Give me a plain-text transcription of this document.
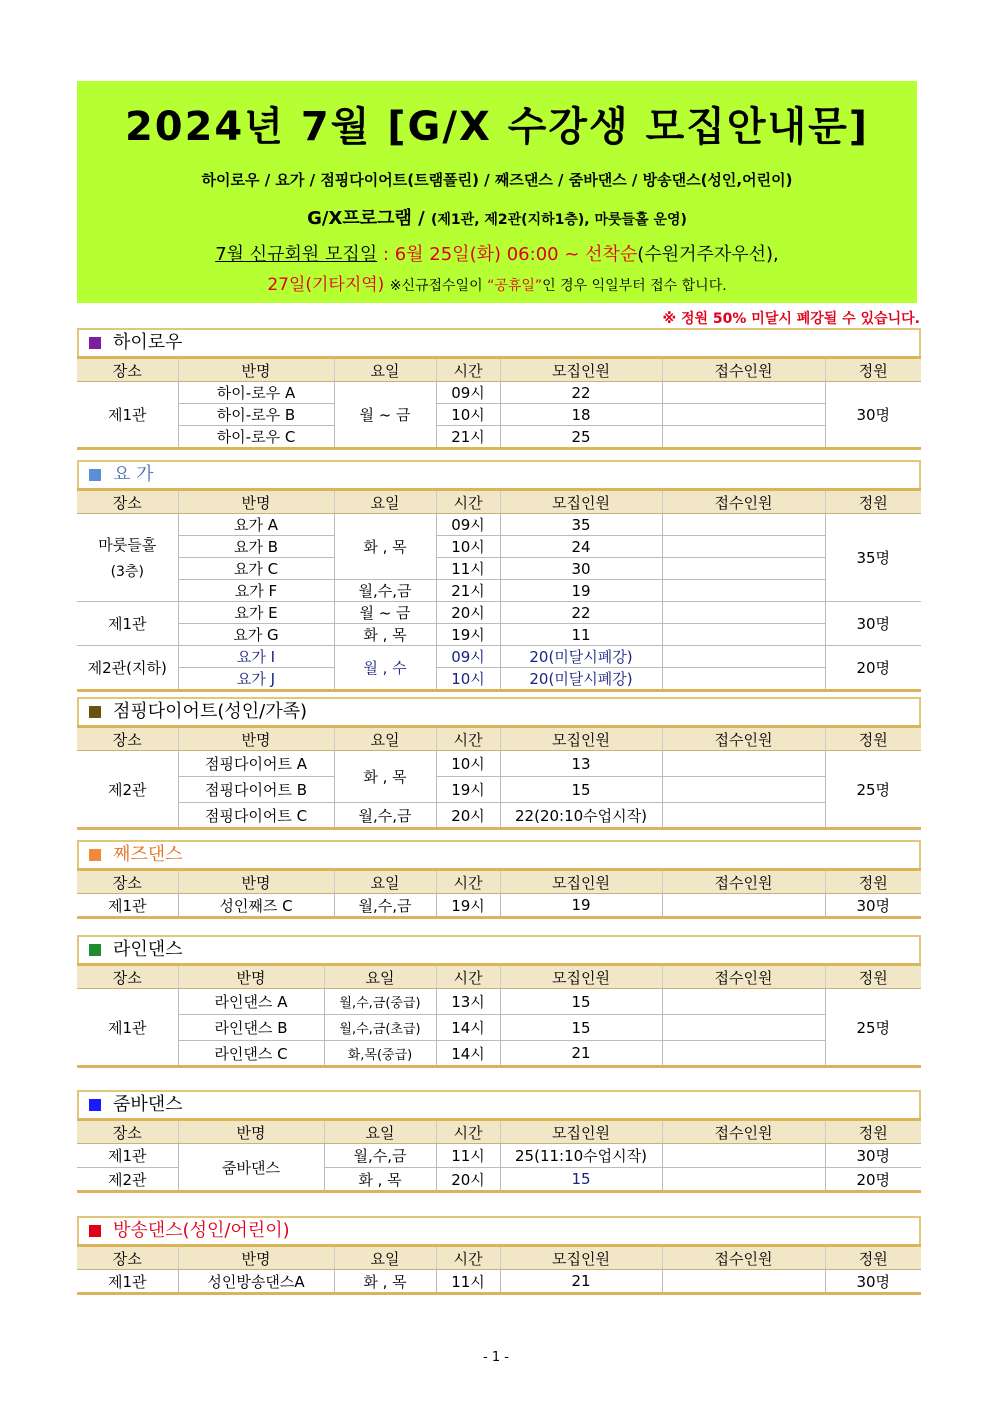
2024년 7월 [G/X 수강생 모집안내문]
하이로우 / 요가 / 점핑다이어트(트램폴린) / 째즈댄스 / 줌바댄스 / 방송댄스(성인,어린이)
G/X프로그램 / (제1관, 제2관(지하1층), 마룻들홀 운영)
7월 신규회원 모집일 : 6월 25일(화) 06:00 ~ 선착순(수원거주자우선),
27일(기타지역) ※신규접수일이 “공휴일”인 경우 익일부터 접수 합니다.
※ 정원 50% 미달시 폐강될 수 있습니다.
하이로우
장소	반명	요일	시간	모집인원	접수인원	정원
제1관	하이-로우 A	월 ~ 금	09시	22		30명
	하이-로우 B		10시	18		
	하이-로우 C		21시	25		
요 가
장소	반명	요일	시간	모집인원	접수인원	정원

마룻들홀
(3층)	요가 A	화 , 목	09시	35		35명
	요가 B		10시	24		
	요가 C		11시	30		
	요가 F	월,수,금	21시	19		
제1관	요가 E	월 ~ 금	20시	22		30명
	요가 G	화 , 목	19시	11		
제2관(지하)	요가 I	월 , 수	09시	20(미달시폐강)		20명
	요가 J		10시	20(미달시폐강)		
점핑다이어트(성인/가족)
장소	반명	요일	시간	모집인원	접수인원	정원
제2관	점핑다이어트 A	화 , 목	10시	13		25명
	점핑다이어트 B		19시	15		
	점핑다이어트 C	월,수,금	20시	22(20:10수업시작)		
째즈댄스
장소	반명	요일	시간	모집인원	접수인원	정원
제1관	성인째즈 C	월,수,금	19시	19		30명
라인댄스
장소	반명	요일	시간	모집인원	접수인원	정원
제1관	라인댄스 A	월,수,금(중급)	13시	15		25명
	라인댄스 B	월,수,금(초급)	14시	15		
	라인댄스 C	화,목(중급)	14시	21		
줌바댄스
장소	반명	요일	시간	모집인원	접수인원	정원
제1관	줌바댄스	월,수,금	11시	25(11:10수업시작)		30명
제2관		화 , 목	20시	15		20명
방송댄스(성인/어린이)
장소	반명	요일	시간	모집인원	접수인원	정원
제1관	성인방송댄스A	화 , 목	11시	21		30명
- 1 -
